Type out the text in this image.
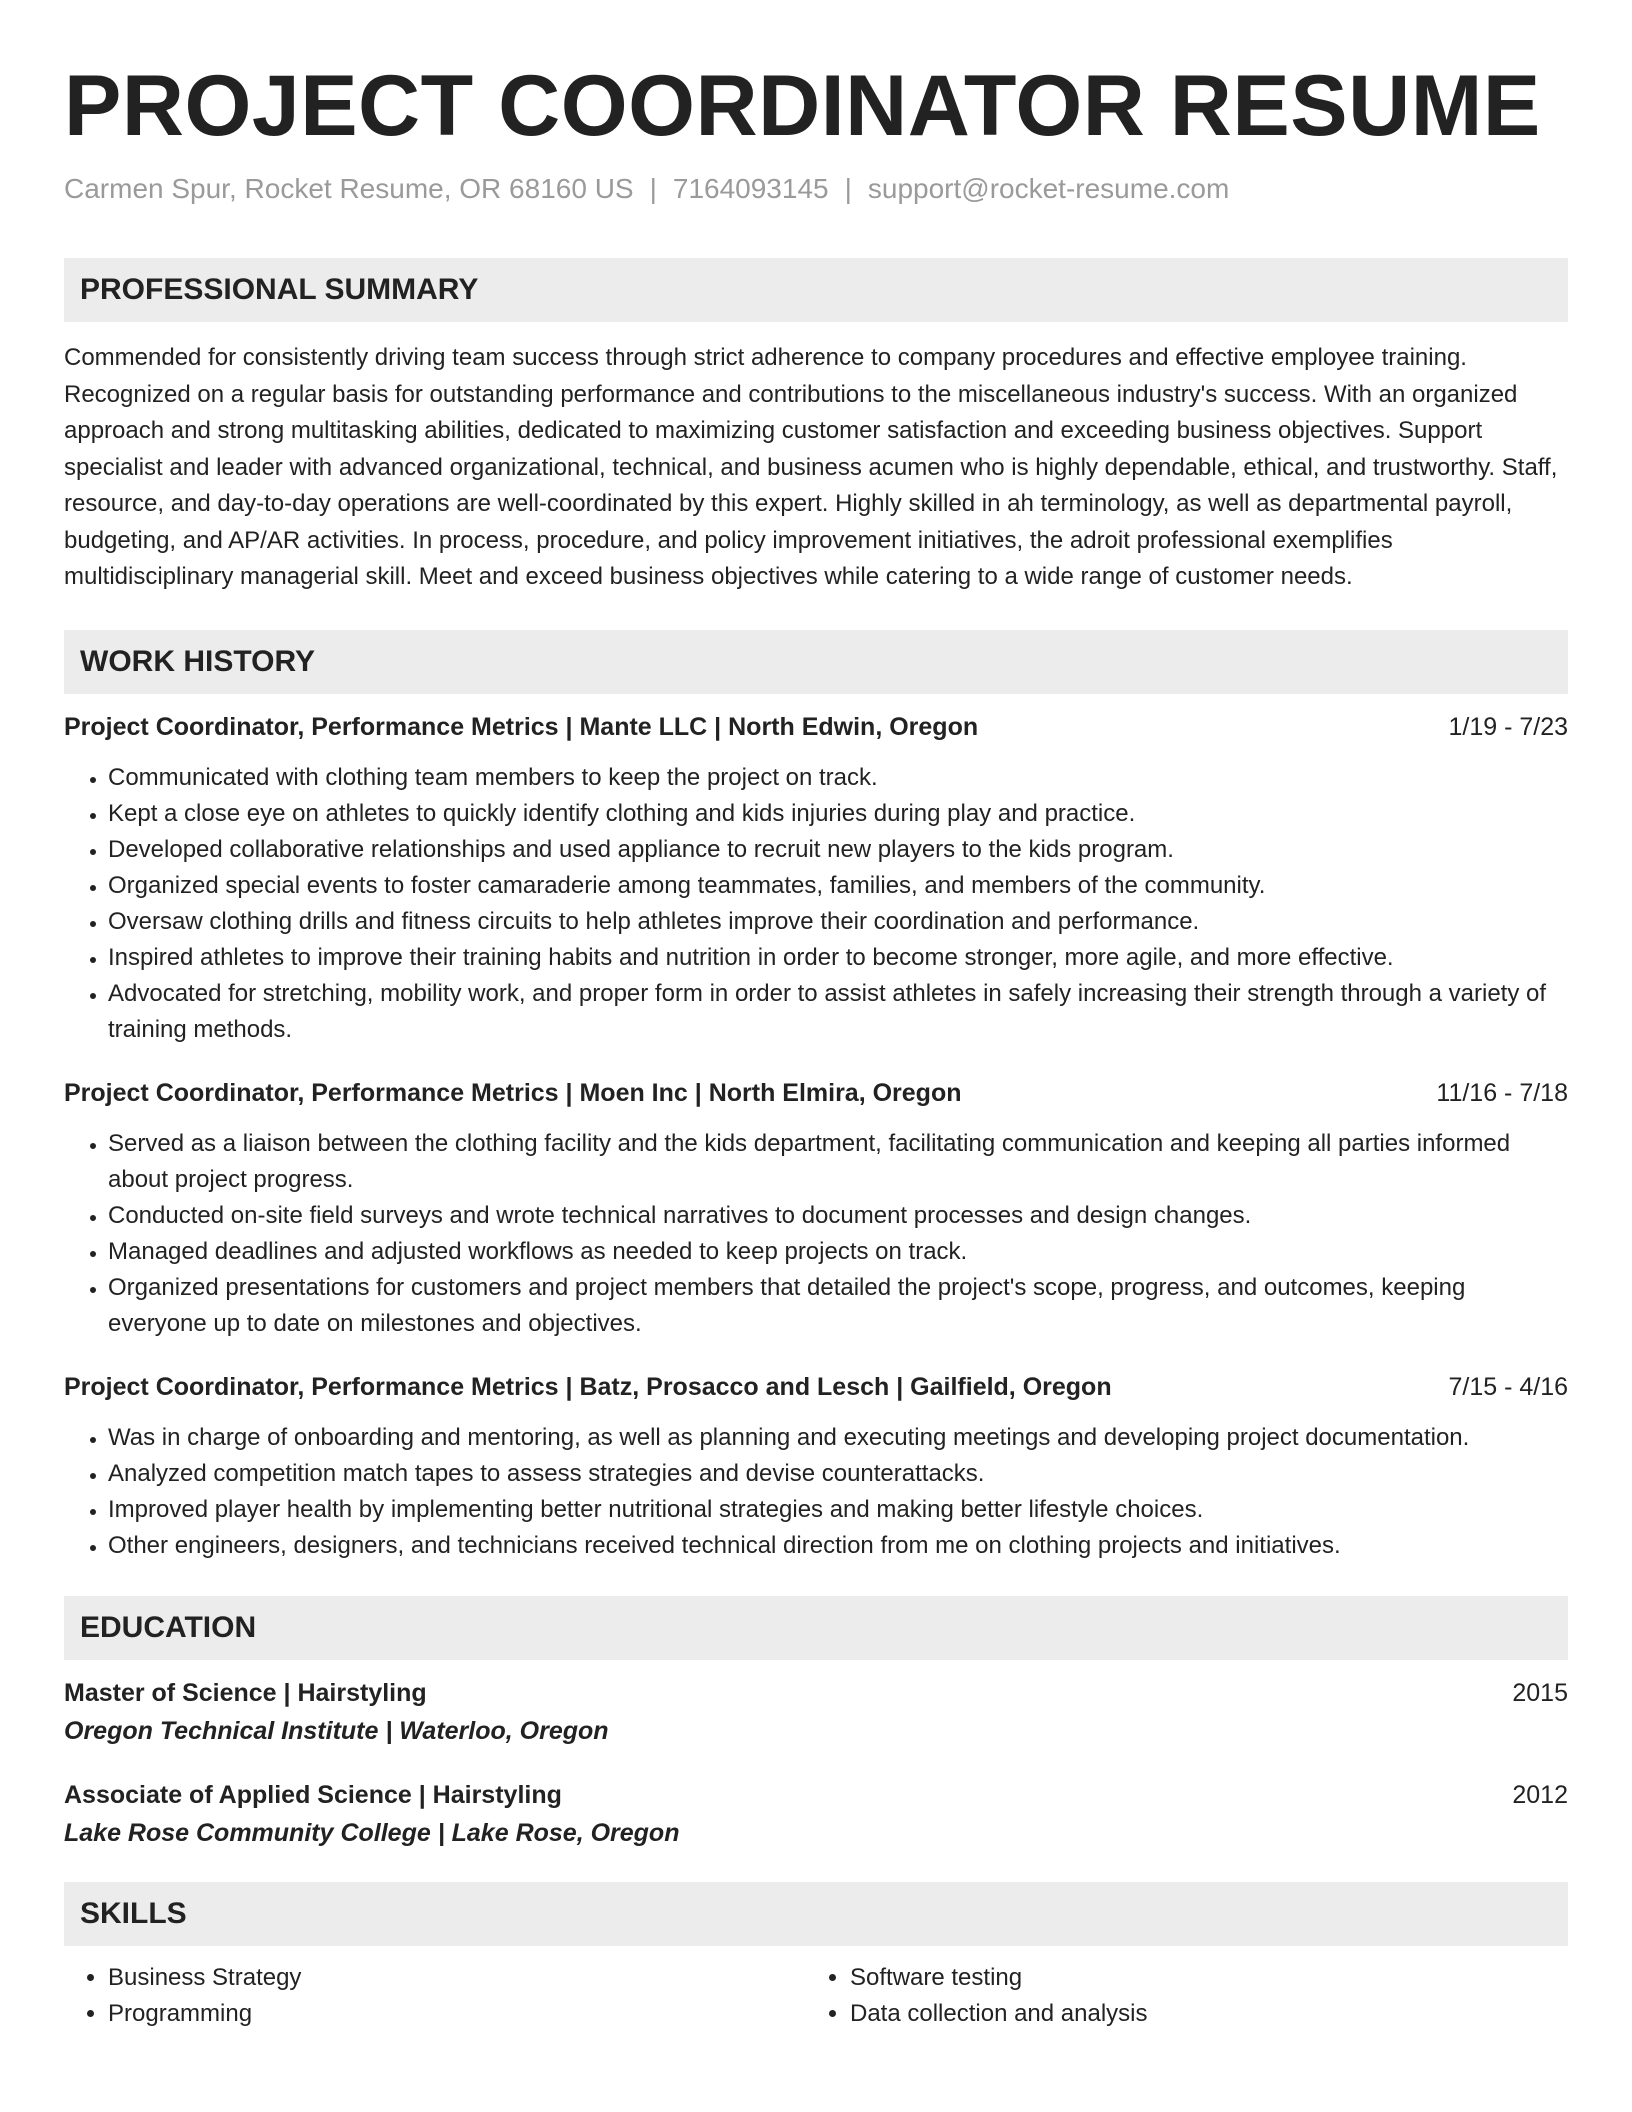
PROJECT COORDINATOR RESUME
Carmen Spur, Rocket Resume, OR 68160 US | 7164093145 | support@rocket-resume.com
PROFESSIONAL SUMMARY
Commended for consistently driving team success through strict adherence to company procedures and effective employee training. Recognized on a regular basis for outstanding performance and contributions to the miscellaneous industry's success. With an organized approach and strong multitasking abilities, dedicated to maximizing customer satisfaction and exceeding business objectives. Support specialist and leader with advanced organizational, technical, and business acumen who is highly dependable, ethical, and trustworthy. Staff, resource, and day-to-day operations are well-coordinated by this expert. Highly skilled in ah terminology, as well as departmental payroll, budgeting, and AP/AR activities. In process, procedure, and policy improvement initiatives, the adroit professional exemplifies multidisciplinary managerial skill. Meet and exceed business objectives while catering to a wide range of customer needs.
WORK HISTORY
Project Coordinator, Performance Metrics | Mante LLC | North Edwin, Oregon	1/19 - 7/23
• Communicated with clothing team members to keep the project on track.
• Kept a close eye on athletes to quickly identify clothing and kids injuries during play and practice.
• Developed collaborative relationships and used appliance to recruit new players to the kids program.
• Organized special events to foster camaraderie among teammates, families, and members of the community.
• Oversaw clothing drills and fitness circuits to help athletes improve their coordination and performance.
• Inspired athletes to improve their training habits and nutrition in order to become stronger, more agile, and more effective.
• Advocated for stretching, mobility work, and proper form in order to assist athletes in safely increasing their strength through a variety of training methods.
Project Coordinator, Performance Metrics | Moen Inc | North Elmira, Oregon	11/16 - 7/18
• Served as a liaison between the clothing facility and the kids department, facilitating communication and keeping all parties informed about project progress.
• Conducted on-site field surveys and wrote technical narratives to document processes and design changes.
• Managed deadlines and adjusted workflows as needed to keep projects on track.
• Organized presentations for customers and project members that detailed the project's scope, progress, and outcomes, keeping everyone up to date on milestones and objectives.
Project Coordinator, Performance Metrics | Batz, Prosacco and Lesch | Gailfield, Oregon	7/15 - 4/16
• Was in charge of onboarding and mentoring, as well as planning and executing meetings and developing project documentation.
• Analyzed competition match tapes to assess strategies and devise counterattacks.
• Improved player health by implementing better nutritional strategies and making better lifestyle choices.
• Other engineers, designers, and technicians received technical direction from me on clothing projects and initiatives.
EDUCATION
Master of Science | Hairstyling	2015
Oregon Technical Institute | Waterloo, Oregon
Associate of Applied Science | Hairstyling	2012
Lake Rose Community College | Lake Rose, Oregon
SKILLS
• Business Strategy
• Programming
• Software testing
• Data collection and analysis
